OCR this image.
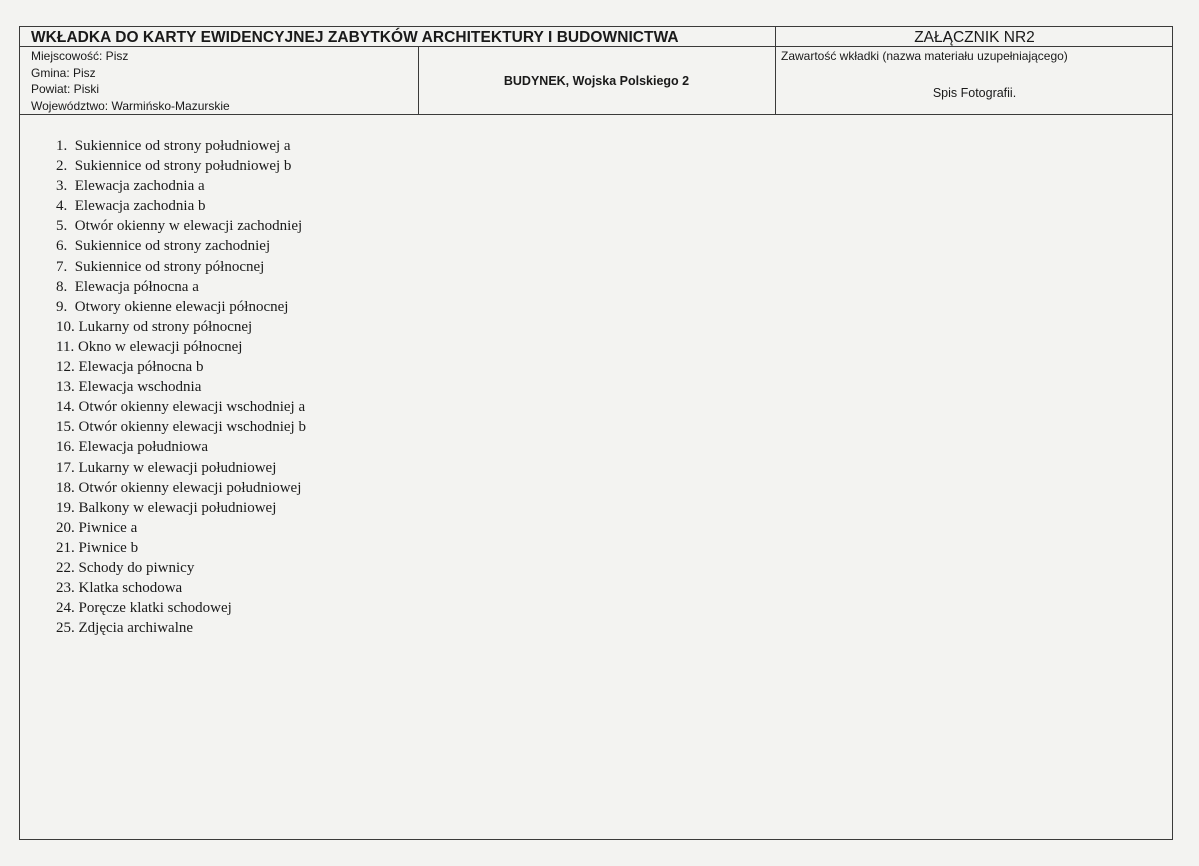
WKŁADKA DO KARTY EWIDENCYJNEJ ZABYTKÓW ARCHITEKTURY I BUDOWNICTWA	ZAŁĄCZNIK NR2
Miejscowość: Pisz
Gmina: Pisz
Powiat: Piski
Województwo: Warmińsko-Mazurskie
BUDYNEK, Wojska Polskiego 2
Zawartość wkładki (nazwa materiału uzupełniającego)
Spis Fotografii.
1.  Sukiennice od strony południowej a
2.  Sukiennice od strony południowej b
3.  Elewacja zachodnia a
4.  Elewacja zachodnia b
5.  Otwór okienny w elewacji zachodniej
6.  Sukiennice od strony zachodniej
7.  Sukiennice od strony północnej
8.  Elewacja północna a
9.  Otwory okienne elewacji północnej
10. Lukarny od strony północnej
11. Okno w elewacji północnej
12. Elewacja północna b
13. Elewacja wschodnia
14. Otwór okienny elewacji wschodniej a
15. Otwór okienny elewacji wschodniej b
16. Elewacja południowa
17. Lukarny w elewacji południowej
18. Otwór okienny elewacji południowej
19. Balkony w elewacji południowej
20. Piwnice a
21. Piwnice b
22. Schody do piwnicy
23. Klatka schodowa
24. Poręcze klatki schodowej
25. Zdjęcia archiwalne
